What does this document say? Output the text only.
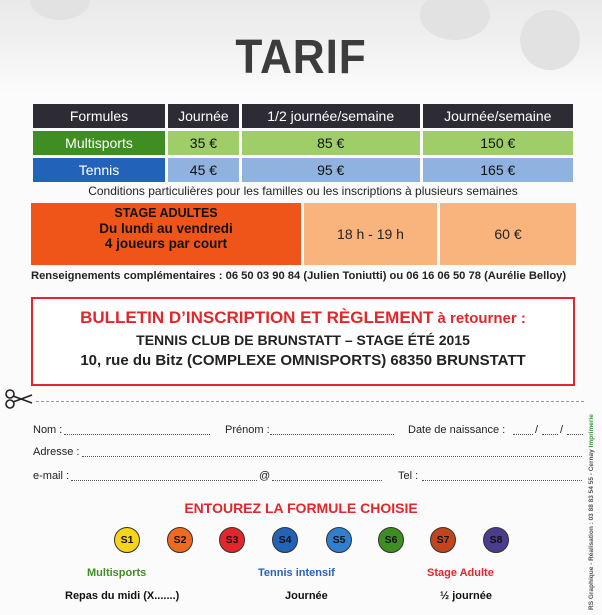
TARIF
Formules	Journée	1/2 journée/semaine	Journée/semaine
Multisports	35 €	85 €	150 €
Tennis	45 €	95 €	165 €
Conditions particulières pour les familles ou les inscriptions à plusieurs semaines
STAGE ADULTES
Du lundi au vendredi
4 joueurs par court
18 h - 19 h	60 €
Renseignements complémentaires : 06 50 03 90 84 (Julien Toniutti) ou 06 16 06 50 78 (Aurélie Belloy)
BULLETIN D’INSCRIPTION ET RÈGLEMENT à retourner :
TENNIS CLUB DE BRUNSTATT – STAGE ÉTÉ 2015
10, rue du Bitz (COMPLEXE OMNISPORTS) 68350 BRUNSTATT
Nom :	Prénom :	Date de naissance :	/ /
Adresse :
e-mail :	@	Tel :
ENTOUREZ LA FORMULE CHOISIE
S1	S2	S3	S4	S5	S6	S7	S8
Multisports	Tennis intensif	Stage Adulte
Repas du midi (X.......)	Journée	½ journée	RS Graphique - Réalisation : 03 88 83 54 55 - Cernay Imprimerie
